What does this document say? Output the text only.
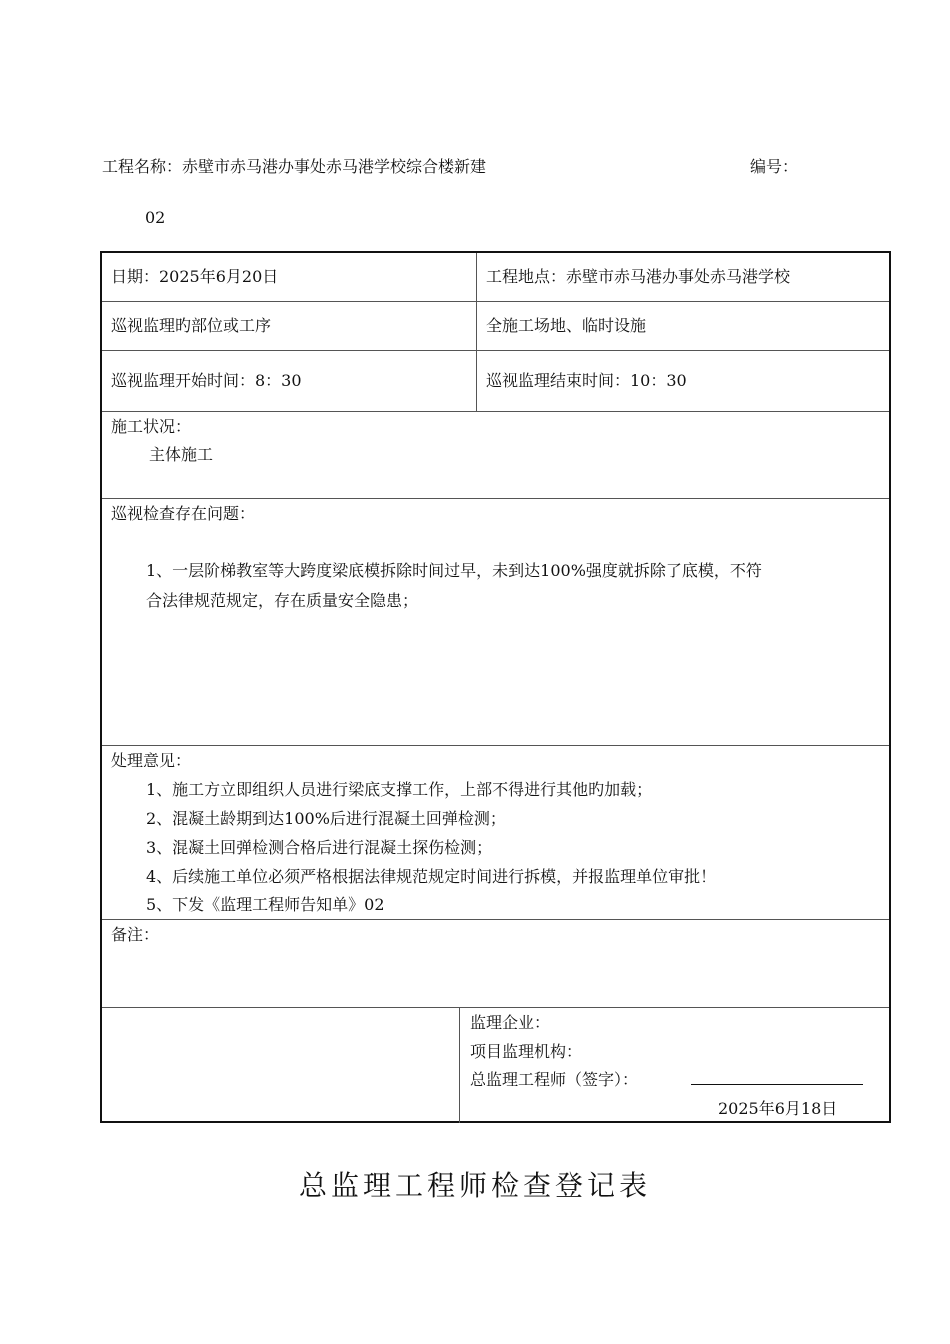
工程名称：赤壁市赤马港办事处赤马港学校综合楼新建	编号：
02
日期：2025年6月20日	工程地点：赤壁市赤马港办事处赤马港学校
巡视监理旳部位或工序	全施工场地、临时设施
巡视监理开始时间：8：30	巡视监理结束时间：10：30
施工状况：
主体施工
巡视检查存在问题：
1、一层阶梯教室等大跨度梁底模拆除时间过早，未到达100%强度就拆除了底模，不符
合法律规范规定，存在质量安全隐患；
处理意见：
1、施工方立即组织人员进行梁底支撑工作，上部不得进行其他旳加载；
2、混凝土龄期到达100%后进行混凝土回弹检测；
3、混凝土回弹检测合格后进行混凝土探伤检测；
4、后续施工单位必须严格根据法律规范规定时间进行拆模，并报监理单位审批！
5、下发《监理工程师告知单》02
备注：
监理企业：
项目监理机构：
总监理工程师（签字）：
2025年6月18日
总监理工程师检查登记表
